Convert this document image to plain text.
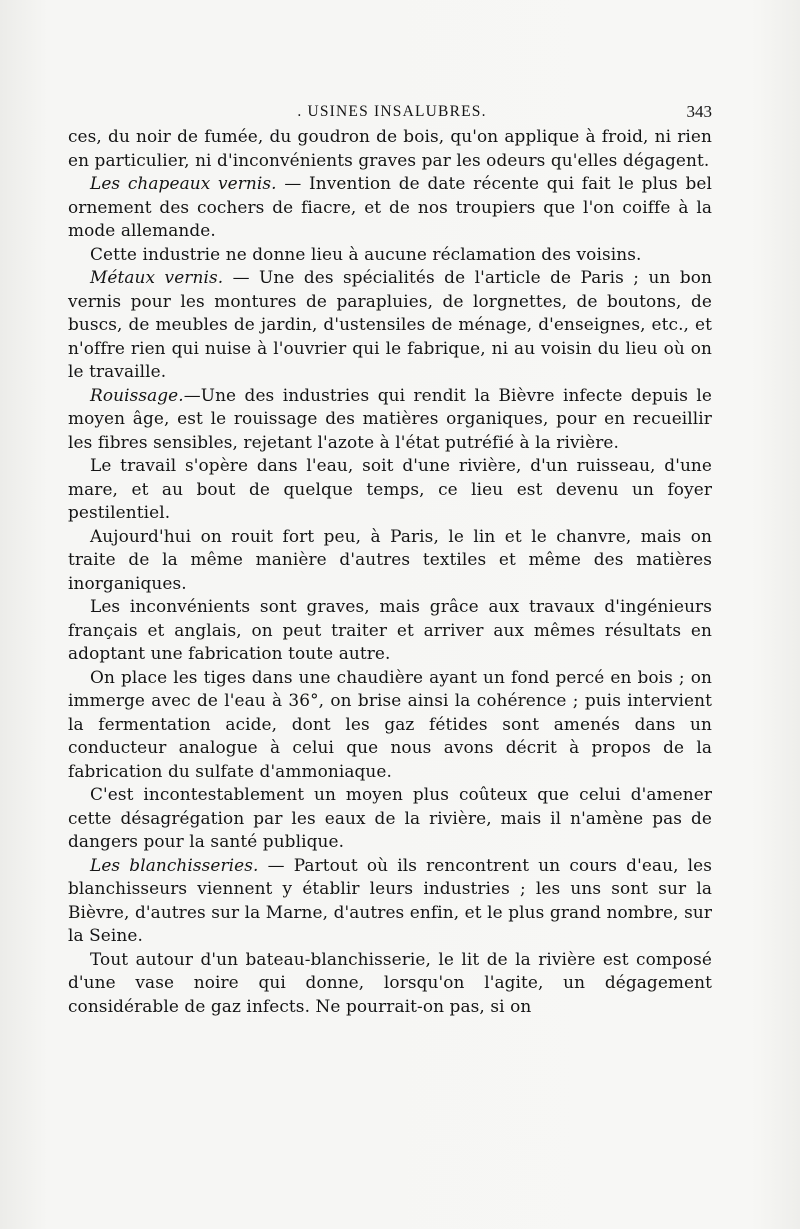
. USINES INSALUBRES.	343

ces, du noir de fumée, du goudron de bois, qu'on applique à froid, ni rien en particulier, ni d'inconvénients graves par les odeurs qu'elles dégagent.

Les chapeaux vernis. — Invention de date récente qui fait le plus bel ornement des cochers de fiacre, et de nos troupiers que l'on coiffe à la mode allemande.

Cette industrie ne donne lieu à aucune réclamation des voisins.

Métaux vernis. — Une des spécialités de l'article de Paris ; un bon vernis pour les montures de parapluies, de lorgnettes, de boutons, de buscs, de meubles de jardin, d'ustensiles de ménage, d'enseignes, etc., et n'offre rien qui nuise à l'ouvrier qui le fabrique, ni au voisin du lieu où on le travaille.

Rouissage.—Une des industries qui rendit la Bièvre infecte depuis le moyen âge, est le rouissage des matières organiques, pour en recueillir les fibres sensibles, rejetant l'azote à l'état putréfié à la rivière.

Le travail s'opère dans l'eau, soit d'une rivière, d'un ruisseau, d'une mare, et au bout de quelque temps, ce lieu est devenu un foyer pestilentiel.

Aujourd'hui on rouit fort peu, à Paris, le lin et le chanvre, mais on traite de la même manière d'autres textiles et même des matières inorganiques.

Les inconvénients sont graves, mais grâce aux travaux d'ingénieurs français et anglais, on peut traiter et arriver aux mêmes résultats en adoptant une fabrication toute autre.

On place les tiges dans une chaudière ayant un fond percé en bois ; on immerge avec de l'eau à 36°, on brise ainsi la cohérence ; puis intervient la fermentation acide, dont les gaz fétides sont amenés dans un conducteur analogue à celui que nous avons décrit à propos de la fabrication du sulfate d'ammoniaque.

C'est incontestablement un moyen plus coûteux que celui d'amener cette désagrégation par les eaux de la rivière, mais il n'amène pas de dangers pour la santé publique.

Les blanchisseries. — Partout où ils rencontrent un cours d'eau, les blanchisseurs viennent y établir leurs industries ; les uns sont sur la Bièvre, d'autres sur la Marne, d'autres enfin, et le plus grand nombre, sur la Seine.

Tout autour d'un bateau-blanchisserie, le lit de la rivière est composé d'une vase noire qui donne, lorsqu'on l'agite, un dégagement considérable de gaz infects. Ne pourrait-on pas, si on
